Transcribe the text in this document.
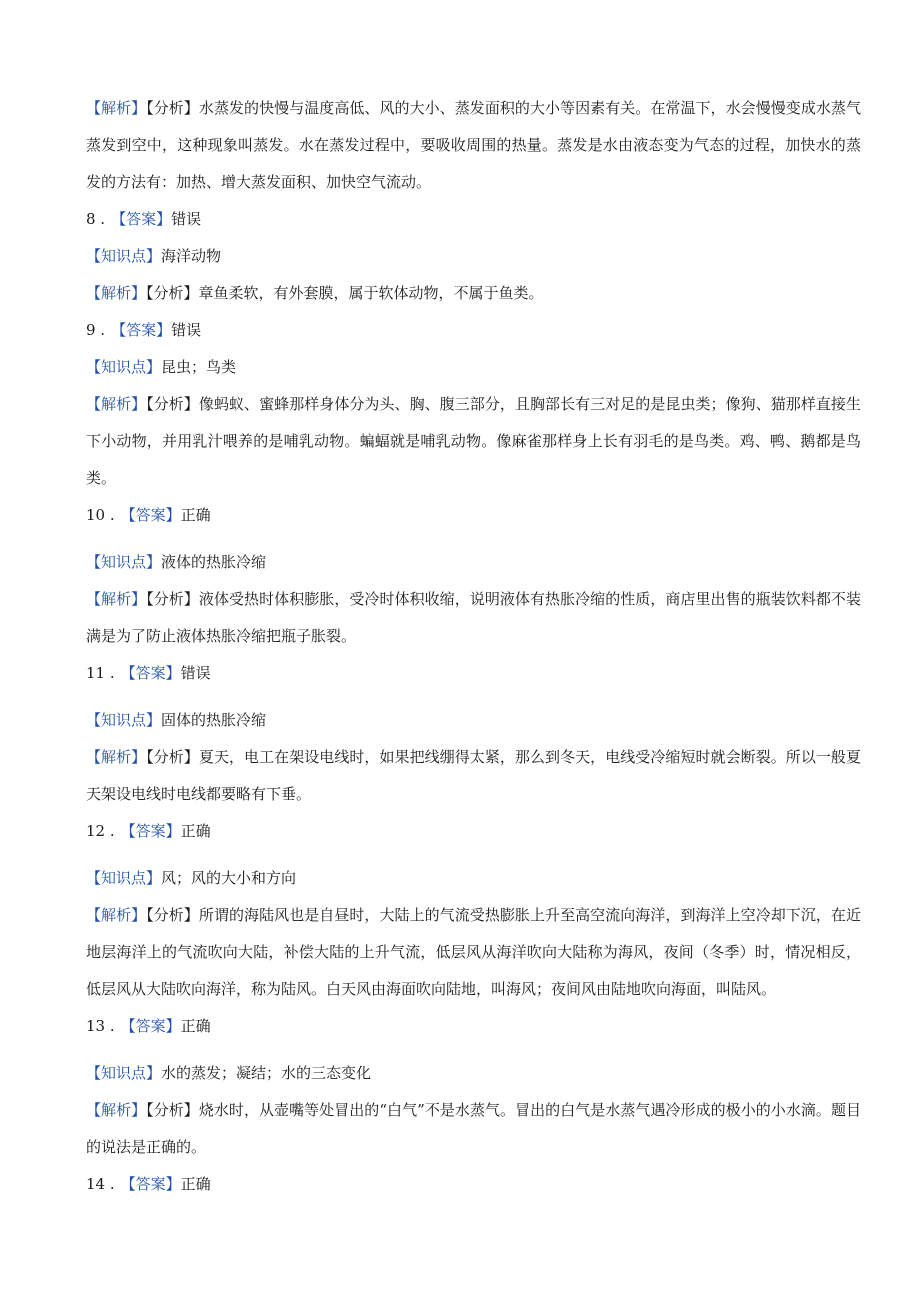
【解析】【分析】水蒸发的快慢与温度高低、风的大小、蒸发面积的大小等因素有关。在常温下，水会慢慢变成水蒸气蒸发到空中，这种现象叫蒸发。水在蒸发过程中，要吸收周围的热量。蒸发是水由液态变为气态的过程，加快水的蒸发的方法有：加热、增大蒸发面积、加快空气流动。
8 . 【答案】错误
【知识点】海洋动物
【解析】【分析】章鱼柔软，有外套膜，属于软体动物，不属于鱼类。
9 . 【答案】错误
【知识点】昆虫；鸟类
【解析】【分析】像蚂蚁、蜜蜂那样身体分为头、胸、腹三部分，且胸部长有三对足的是昆虫类；像狗、猫那样直接生下小动物，并用乳汁喂养的是哺乳动物。蝙蝠就是哺乳动物。像麻雀那样身上长有羽毛的是鸟类。鸡、鸭、鹅都是鸟类。
10 . 【答案】正确
【知识点】液体的热胀冷缩
【解析】【分析】液体受热时体积膨胀，受冷时体积收缩，说明液体有热胀冷缩的性质，商店里出售的瓶装饮料都不装满是为了防止液体热胀冷缩把瓶子胀裂。
11 . 【答案】错误
【知识点】固体的热胀冷缩
【解析】【分析】夏天，电工在架设电线时，如果把线绷得太紧，那么到冬天，电线受冷缩短时就会断裂。所以一般夏天架设电线时电线都要略有下垂。
12 . 【答案】正确
【知识点】风；风的大小和方向
【解析】【分析】所谓的海陆风也是自昼时，大陆上的气流受热膨胀上升至高空流向海洋，到海洋上空冷却下沉，在近地层海洋上的气流吹向大陆，补偿大陆的上升气流，低层风从海洋吹向大陆称为海风，夜间（冬季）时，情况相反，低层风从大陆吹向海洋，称为陆风。白天风由海面吹向陆地，叫海风；夜间风由陆地吹向海面，叫陆风。
13 . 【答案】正确
【知识点】水的蒸发；凝结；水的三态变化
【解析】【分析】烧水时，从壶嘴等处冒出的“白气”不是水蒸气。冒出的白气是水蒸气遇冷形成的极小的小水滴。题目的说法是正确的。
14 . 【答案】正确
